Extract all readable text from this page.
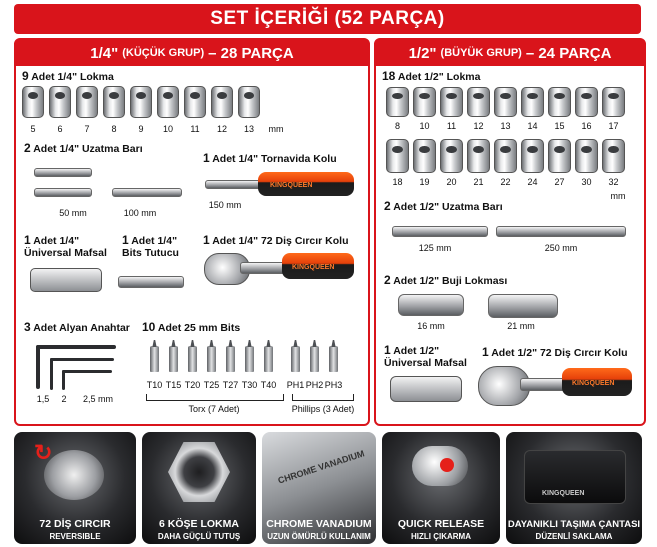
SET İÇERİĞİ (52 PARÇA)
1/4" (KÜÇÜK GRUP) – 28 PARÇA
9 Adet 1/4" Lokma
5	6	7	8	9	10	11	12	13	mm
2 Adet 1/4" Uzatma Barı
50 mm	100 mm
1 Adet 1/4" Tornavida Kolu
KINGQUEEN
150 mm
1 Adet 1/4"
Üniversal Mafsal
1 Adet 1/4"
Bits Tutucu
1 Adet 1/4" 72 Diş Cırcır Kolu
KINGQUEEN
3 Adet Alyan Anahtar
1,5	2	2,5 mm
10 Adet 25 mm Bits
T10 T15 T20 T25 T27 T30 T40 PH1 PH2 PH3
Torx (7 Adet)	Phillips (3 Adet)
1/2" (BÜYÜK GRUP) – 24 PARÇA
18 Adet 1/2" Lokma
8	10	11	12	13	14	15	16	17
18	19	20	21	22	24	27	30	32
mm
2 Adet 1/2" Uzatma Barı
125 mm	250 mm
2 Adet 1/2" Buji Lokması
16 mm	21 mm
1 Adet 1/2"
Üniversal Mafsal
1 Adet 1/2" 72 Diş Cırcır Kolu
KINGQUEEN
↻
72 DİŞ CIRCIR
REVERSIBLE
6 KÖŞE LOKMA
DAHA GÜÇLÜ TUTUŞ
CHROME VANADIUM
CHROME VANADIUM
UZUN ÖMÜRLÜ KULLANIM
QUICK RELEASE
HIZLI ÇIKARMA
KINGQUEEN
DAYANIKLI TAŞIMA ÇANTASI
DÜZENLİ SAKLAMA
